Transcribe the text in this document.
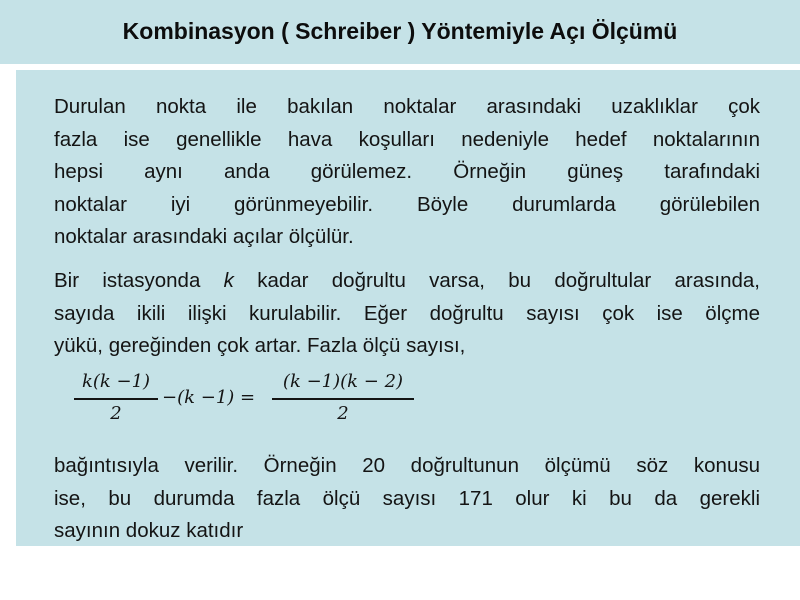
Kombinasyon ( Schreiber ) Yöntemiyle Açı Ölçümü
Durulan nokta ile bakılan noktalar arasındaki uzaklıklar çok
fazla ise genellikle hava koşulları nedeniyle hedef noktalarının
hepsi aynı anda görülemez. Örneğin güneş tarafındaki
noktalar iyi görünmeyebilir. Böyle durumlarda görülebilen
noktalar arasındaki açılar ölçülür.
Bir istasyonda k kadar doğrultu varsa, bu doğrultular arasında,
sayıda ikili ilişki kurulabilir. Eğer doğrultu sayısı çok ise ölçme
yükü, gereğinden çok artar. Fazla ölçü sayısı,
k(k −1)
2
−(k −1) =
(k −1)(k − 2)
2
bağıntısıyla verilir. Örneğin 20 doğrultunun ölçümü söz konusu
ise, bu durumda fazla ölçü sayısı 171 olur ki bu da gerekli
sayının dokuz katıdır
